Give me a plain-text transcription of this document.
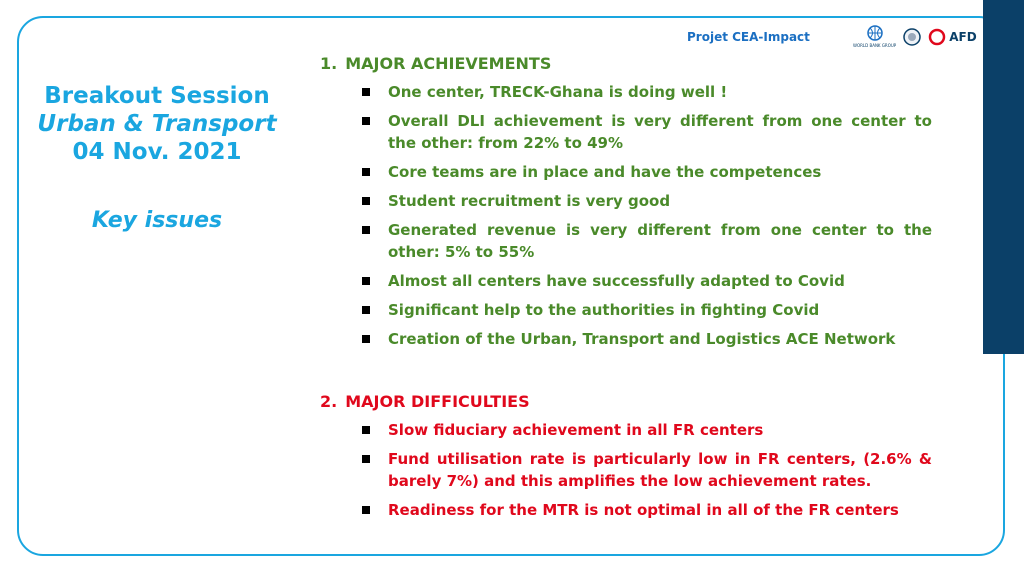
Projet CEA-Impact
WORLD BANK GROUP
AFD
Breakout Session
Urban & Transport
04 Nov. 2021
Key issues
1. MAJOR ACHIEVEMENTS
One center, TRECK-Ghana is doing well !
Overall DLI achievement is very different from one center to the other: from 22% to 49%
Core teams are in place and have the competences
Student recruitment is very good
Generated revenue is very different from one center to the other: 5% to 55%
Almost all centers have successfully adapted to Covid
Significant help to the authorities in fighting Covid
Creation of the Urban, Transport and Logistics ACE Network
2. MAJOR DIFFICULTIES
Slow fiduciary achievement in all FR centers
Fund utilisation rate is particularly low in FR centers, (2.6% & barely 7%) and this amplifies the low achievement rates.
Readiness for the MTR is not optimal in all of the FR centers
